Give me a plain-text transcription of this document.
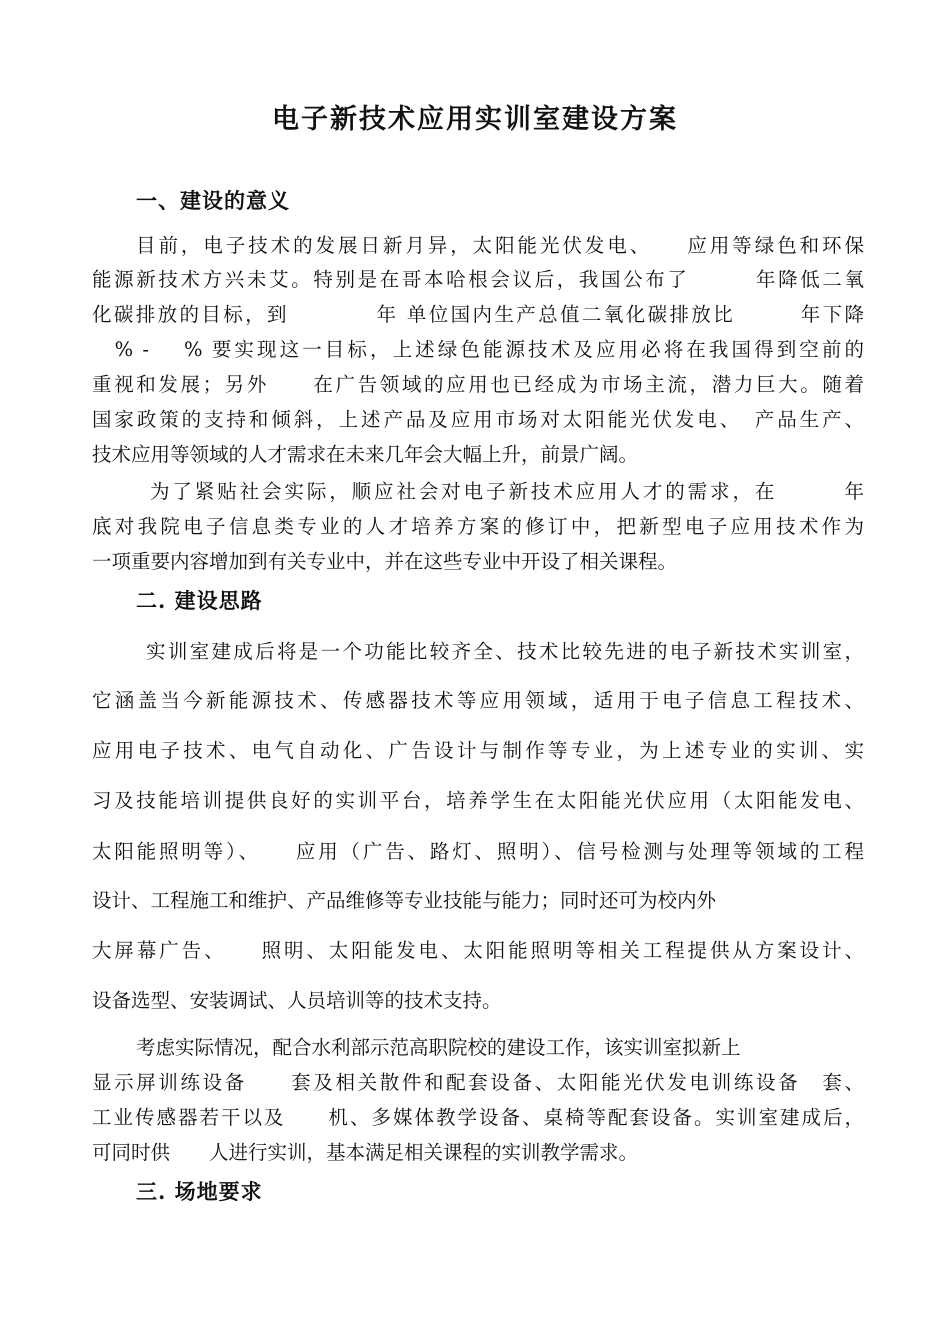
电子新技术应用实训室建设方案
一、建设的意义

目前，电子技术的发展日新月异，太阳能光伏发电、　　应用等绿色和环保

能源新技术方兴未艾。特别是在哥本哈根会议后，我国公布了　　　年降低二氧

化碳排放的目标，到　　　　年 单位国内生产总值二氧化碳排放比　　　年下降

　% -　 % 要实现这一目标，上述绿色能源技术及应用必将在我国得到空前的

重视和发展；另外　　在广告领域的应用也已经成为市场主流，潜力巨大。随着

国家政策的支持和倾斜，上述产品及应用市场对太阳能光伏发电、　产品生产、

技术应用等领域的人才需求在未来几年会大幅上升，前景广阔。

为了紧贴社会实际，顺应社会对电子新技术应用人才的需求，在　　　年

底对我院电子信息类专业的人才培养方案的修订中，把新型电子应用技术作为

一项重要内容增加到有关专业中，并在这些专业中开设了相关课程。

二. 建设思路

实训室建成后将是一个功能比较齐全、技术比较先进的电子新技术实训室，

它涵盖当今新能源技术、传感器技术等应用领域，适用于电子信息工程技术、

应用电子技术、电气自动化、广告设计与制作等专业，为上述专业的实训、实

习及技能培训提供良好的实训平台，培养学生在太阳能光伏应用（太阳能发电、

太阳能照明等）、　　应用（广告、路灯、照明）、信号检测与处理等领域的工程

设计、工程施工和维护、产品维修等专业技能与能力；同时还可为校内外

大屏幕广告、　　照明、太阳能发电、太阳能照明等相关工程提供从方案设计、

设备选型、安装调试、人员培训等的技术支持。

考虑实际情况，配合水利部示范高职院校的建设工作，该实训室拟新上

显示屏训练设备　　套及相关散件和配套设备、太阳能光伏发电训练设备　套、

工业传感器若干以及　　机、多媒体教学设备、桌椅等配套设备。实训室建成后，

可同时供　　人进行实训，基本满足相关课程的实训教学需求。

三. 场地要求
